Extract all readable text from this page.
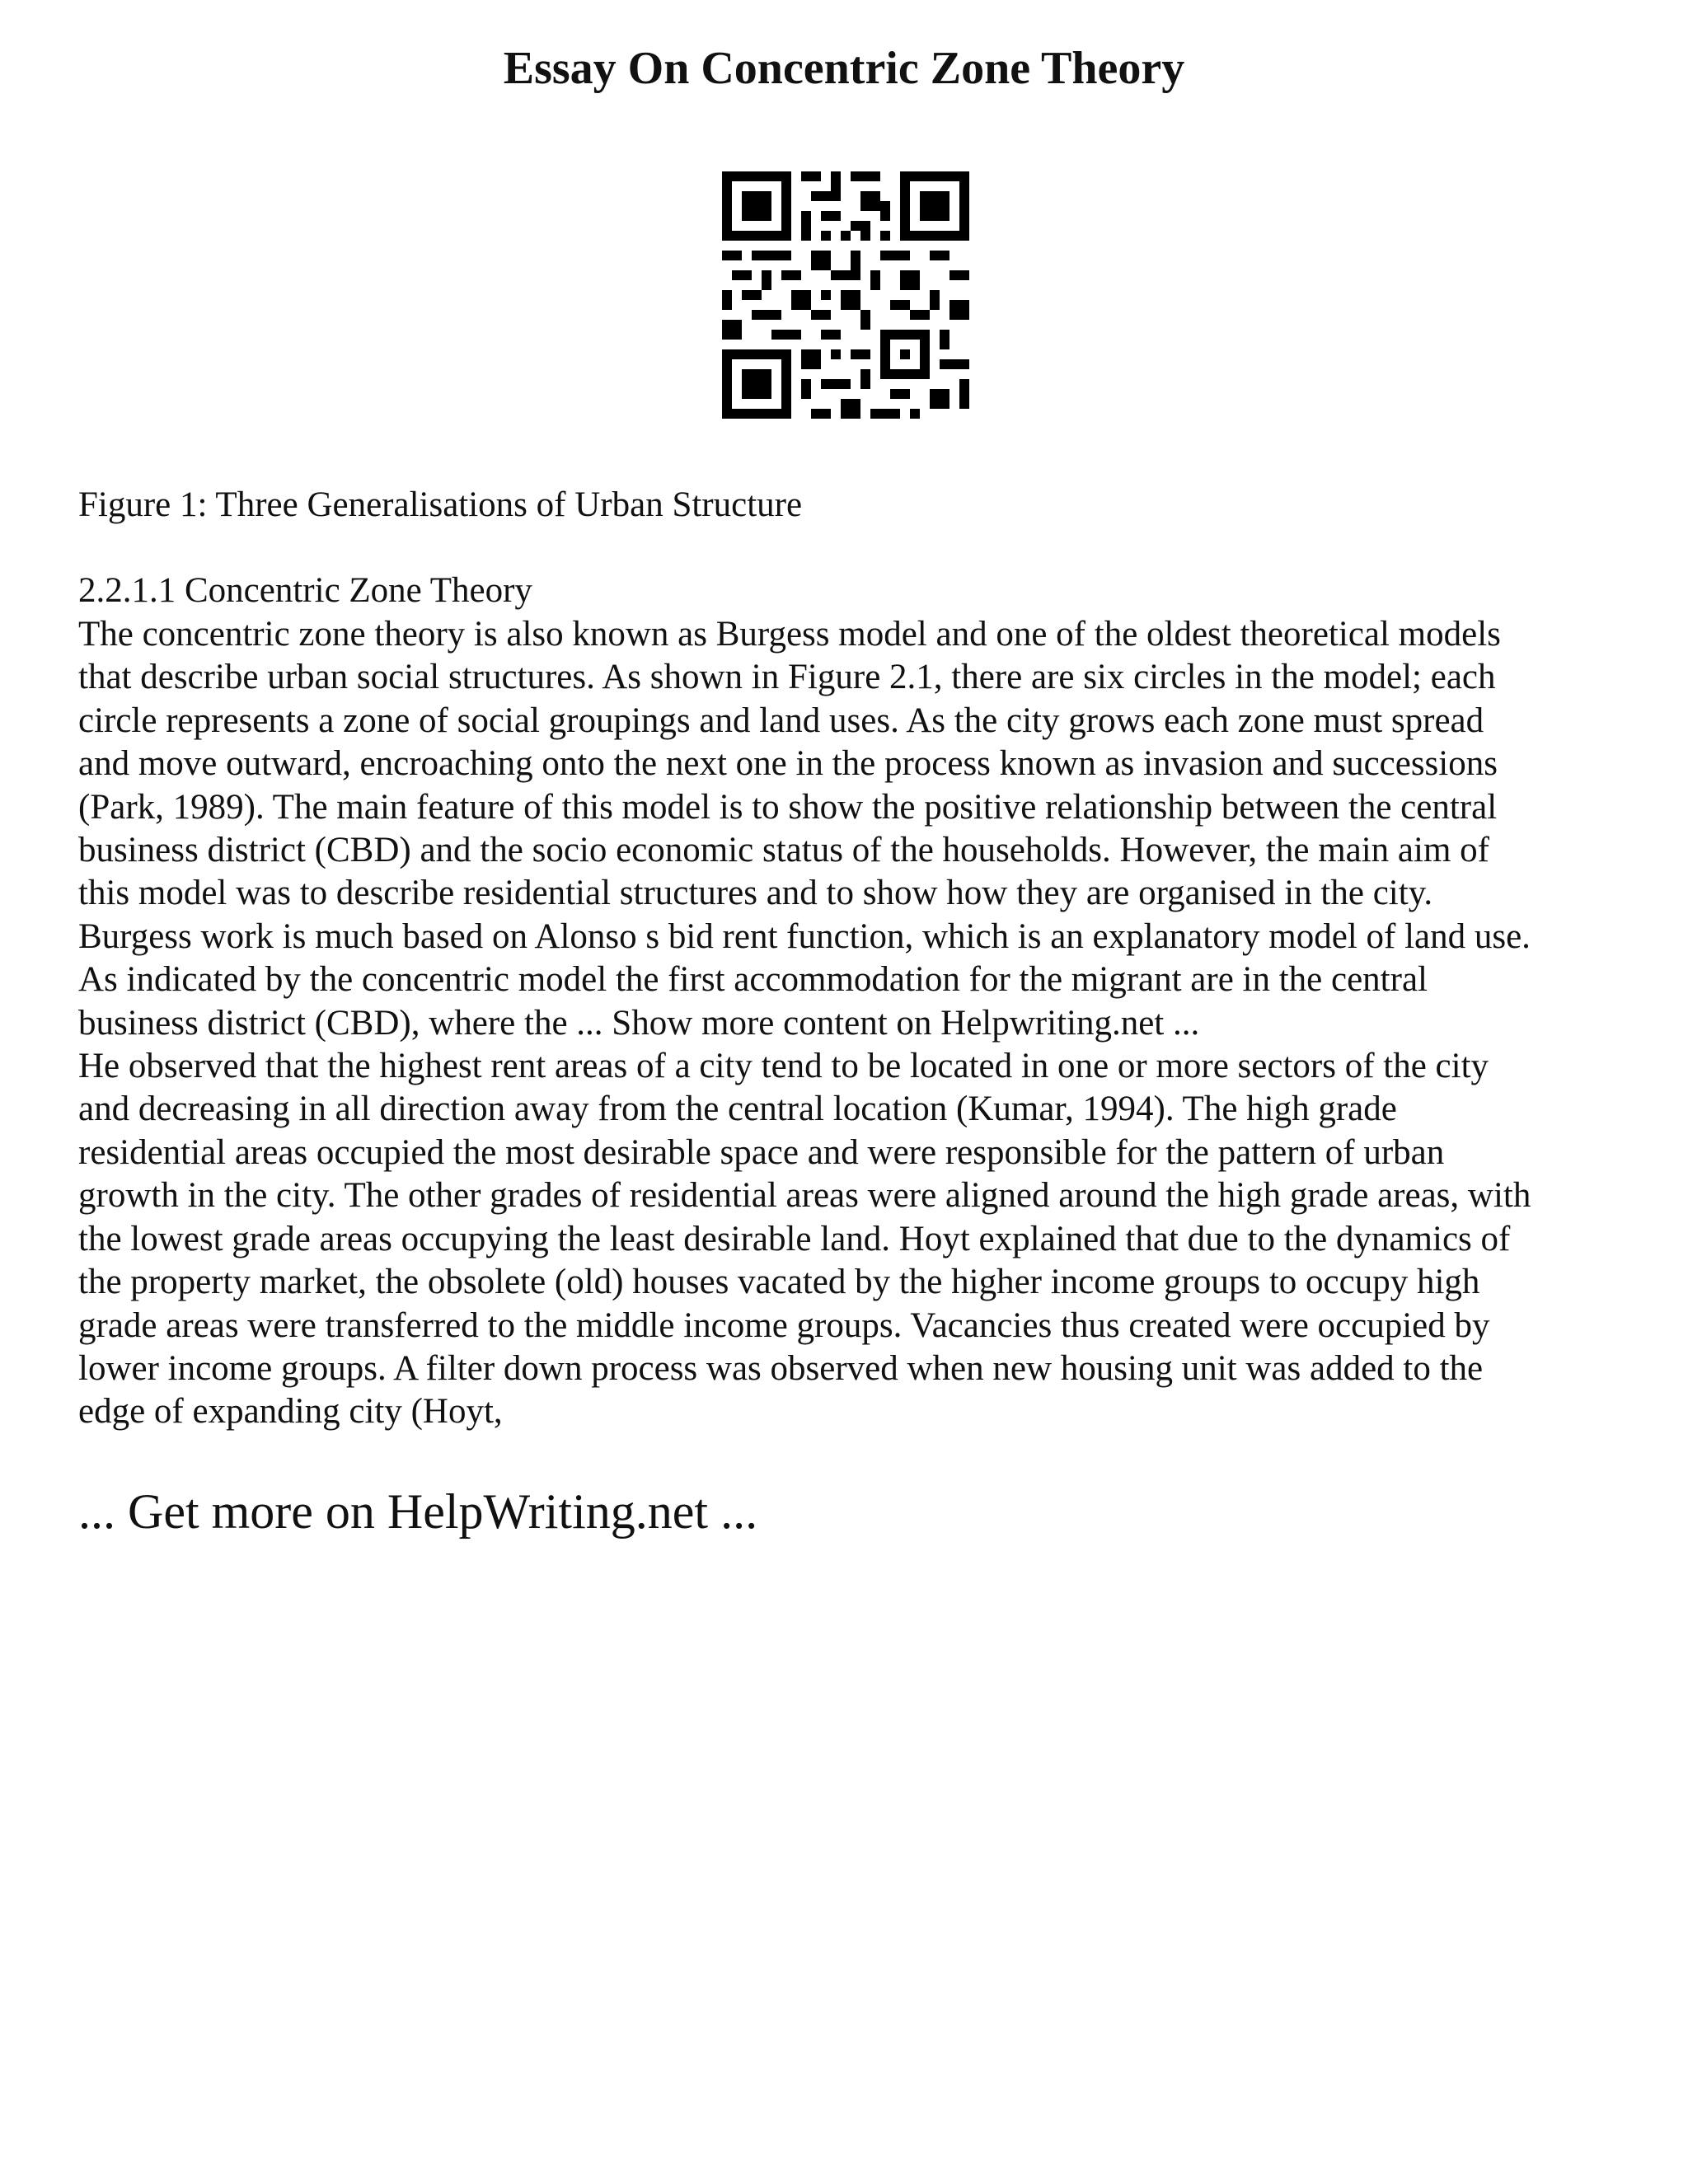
Essay On Concentric Zone Theory

Figure 1: Three Generalisations of Urban Structure

2.2.1.1 Concentric Zone Theory

The concentric zone theory is also known as Burgess model and one of the oldest theoretical models
that describe urban social structures. As shown in Figure 2.1, there are six circles in the model; each
circle represents a zone of social groupings and land uses. As the city grows each zone must spread
and move outward, encroaching onto the next one in the process known as invasion and successions
(Park, 1989). The main feature of this model is to show the positive relationship between the central
business district (CBD) and the socio economic status of the households. However, the main aim of
this model was to describe residential structures and to show how they are organised in the city.
Burgess work is much based on Alonso s bid rent function, which is an explanatory model of land use.
As indicated by the concentric model the first accommodation for the migrant are in the central
business district (CBD), where the ... Show more content on Helpwriting.net ...
He observed that the highest rent areas of a city tend to be located in one or more sectors of the city
and decreasing in all direction away from the central location (Kumar, 1994). The high grade
residential areas occupied the most desirable space and were responsible for the pattern of urban
growth in the city. The other grades of residential areas were aligned around the high grade areas, with
the lowest grade areas occupying the least desirable land. Hoyt explained that due to the dynamics of
the property market, the obsolete (old) houses vacated by the higher income groups to occupy high
grade areas were transferred to the middle income groups. Vacancies thus created were occupied by
lower income groups. A filter down process was observed when new housing unit was added to the
edge of expanding city (Hoyt,

... Get more on HelpWriting.net ...
